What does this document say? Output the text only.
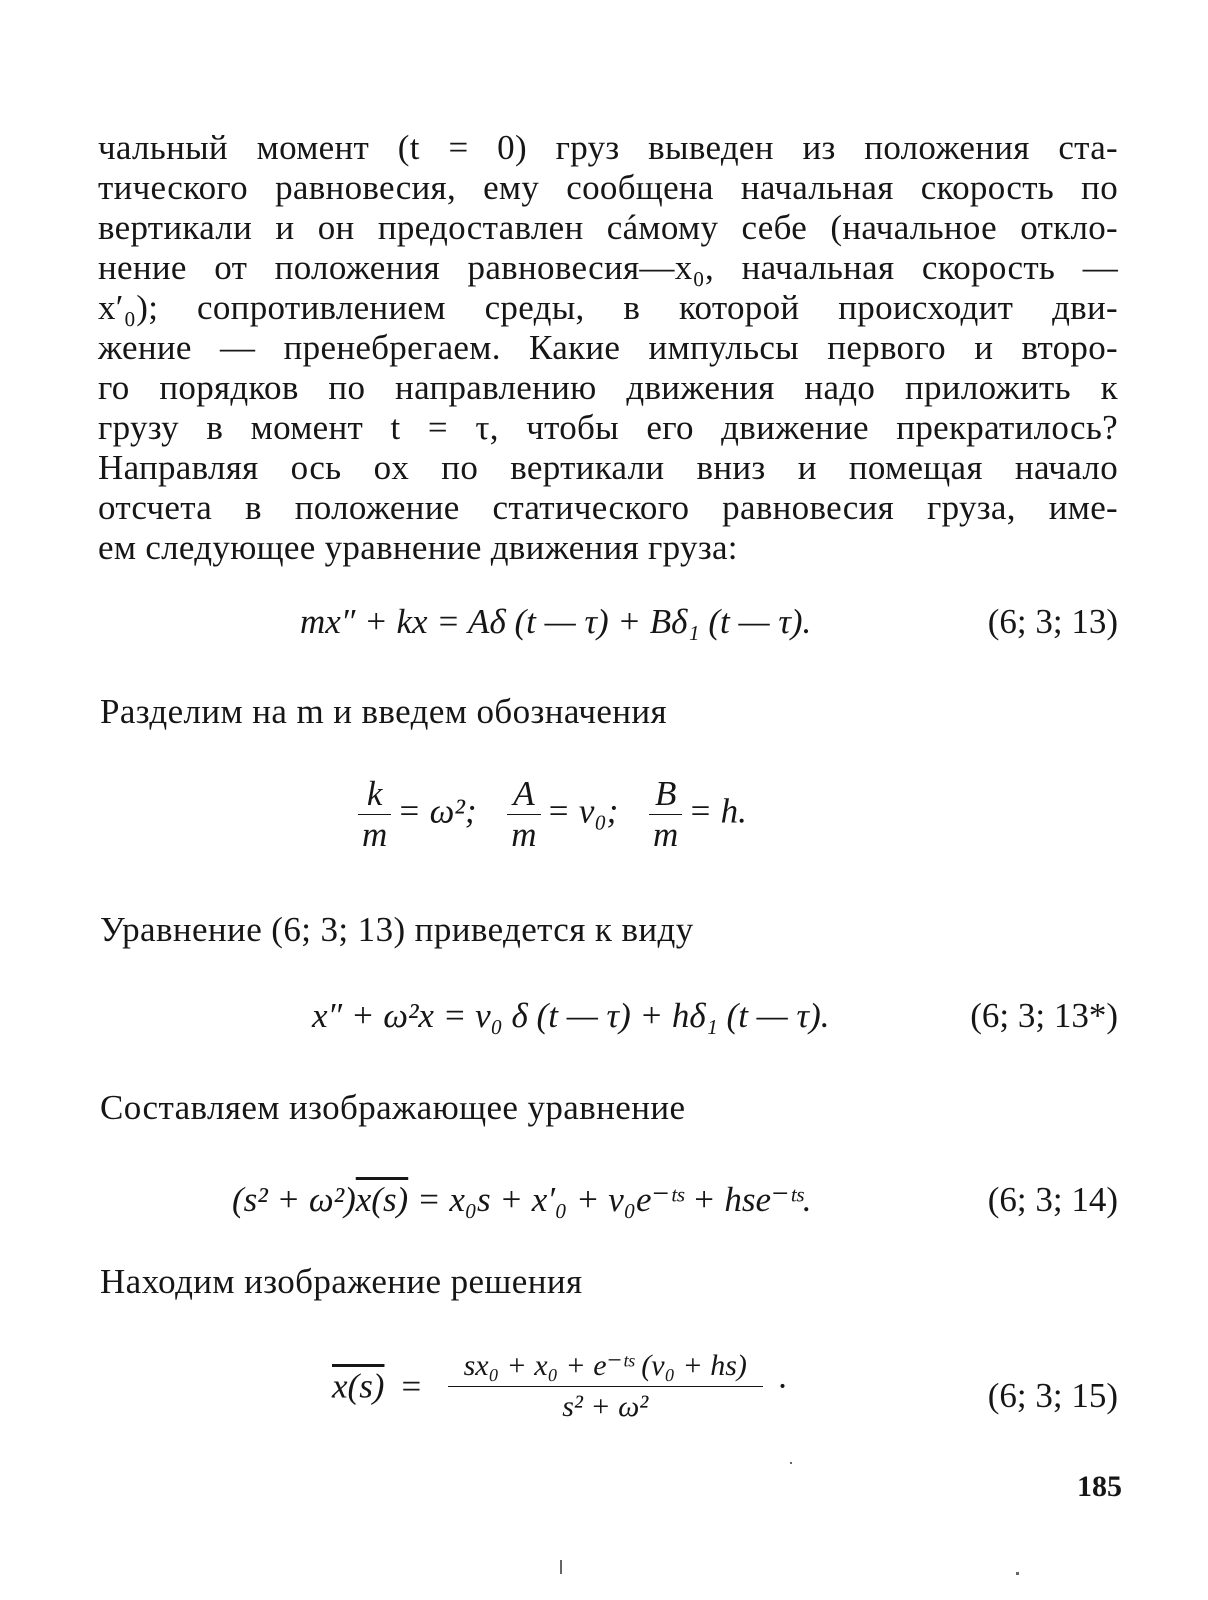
чальный момент (t = 0) груз выведен из положения ста-
тического равновесия, ему сообщена начальная скорость по
вертикали и он предоставлен сáмому себе (начальное откло-
нение от положения равновесия—x₀, начальная скорость —
x′₀); сопротивлением среды, в которой происходит дви-
жение — пренебрегаем. Какие импульсы первого и второ-
го порядков по направлению движения надо приложить к
грузу в момент t = τ, чтобы его движение прекратилось?
Направляя ось ox по вертикали вниз и помещая начало
отсчета в положение статического равновесия груза, име-
ем следующее уравнение движения груза:
mx″ + kx = Aδ (t — τ) + Bδ₁ (t — τ).	(6; 3; 13)
Разделим на m и введем обозначения
$\frac{k}{m} = \omega^2$; $\frac{A}{m} = v_0$; $\frac{B}{m} = h$.
Уравнение (6; 3; 13) приведется к виду
x″ + ω²x = v₀ δ (t — τ) + hδ₁ (t — τ).	(6; 3; 13*)
Составляем изображающее уравнение
(s² + ω²)x(s) = x₀s + x′₀ + v₀e⁻ᵗˢ + hse⁻ᵗˢ.	(6; 3; 14)
Находим изображение решения
$x(s) = \frac{\text{sx₀ + x₀ + e⁻ᵗˢ (v₀ + hs)}}{\text{s² + ω²}}$ ·	(6; 3; 15)
185
